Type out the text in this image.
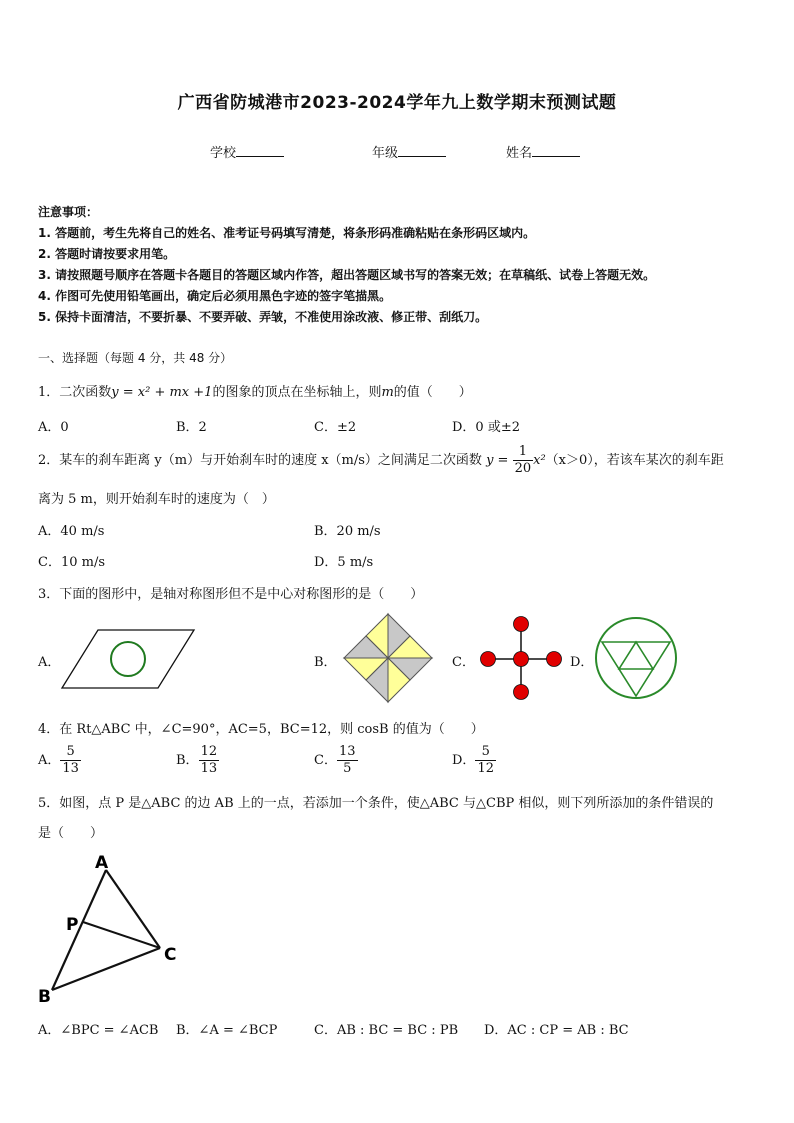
广西省防城港市2023-2024学年九上数学期末预测试题
学校	年级	姓名
注意事项：
1. 答题前，考生先将自己的姓名、准考证号码填写清楚，将条形码准确粘贴在条形码区域内。
2. 答题时请按要求用笔。
3. 请按照题号顺序在答题卡各题目的答题区域内作答，超出答题区域书写的答案无效；在草稿纸、试卷上答题无效。
4. 作图可先使用铅笔画出，确定后必须用黑色字迹的签字笔描黑。
5. 保持卡面清洁，不要折暴、不要弄破、弄皱，不准使用涂改液、修正带、刮纸刀。
一、选择题（每题 4 分，共 48 分）
1．二次函数y = x² + mx +1的图象的顶点在坐标轴上，则m的值（　　）
A．0	B．2	C．±2	D．0 或±2
2．某车的刹车距离 y（m）与开始刹车时的速度 x（m/s）之间满足二次函数 $y = \frac{1}{20} x^2(x>0)$，若该车某次的刹车距
离为 5 m，则开始刹车时的速度为（　）
A．40 m/s	B．20 m/s
C．10 m/s	D．5 m/s
3．下面的图形中，是轴对称图形但不是中心对称图形的是（　　）
A．	B．	C．	D．
4．在 Rt△ABC 中，∠C=90°，AC=5，BC=12，则 cosB 的值为（　　）
A． $\frac{5}{13}$	B． $\frac{12}{13}$	C． $\frac{13}{5}$	D． $\frac{5}{12}$
5．如图，点 P 是△ABC 的边 AB 上的一点，若添加一个条件，使△ABC 与△CBP 相似，则下列所添加的条件错误的
是（　　）
A
P
C
B
A．∠BPC = ∠ACB B．∠A = ∠BCP	C．AB : BC = BC : PB D．AC : CP = AB : BC
